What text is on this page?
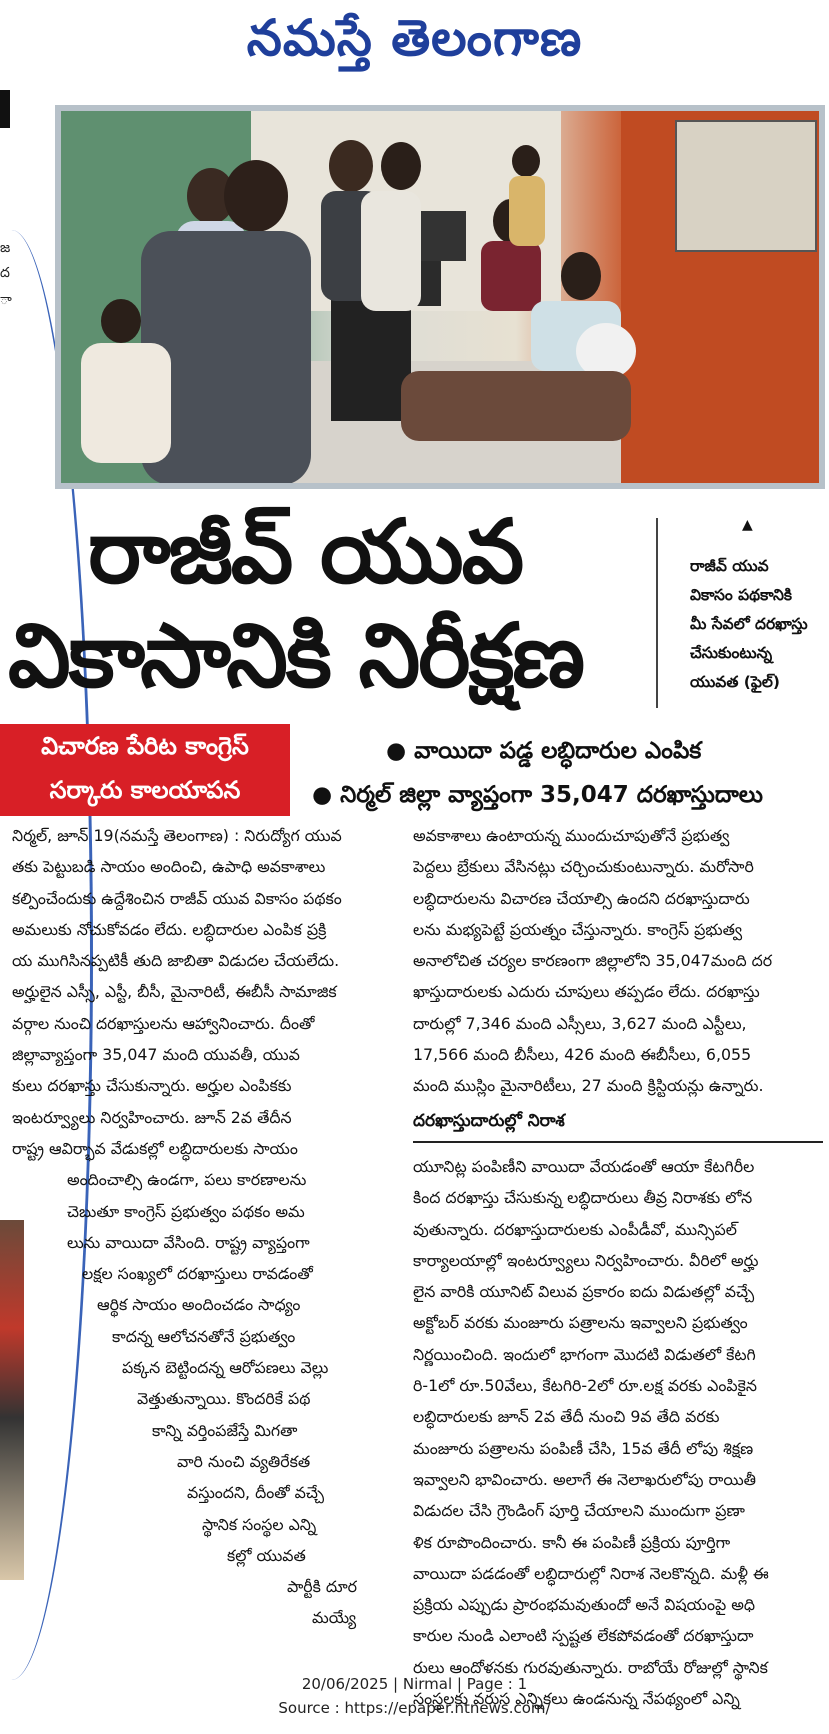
నమస్తే తెలంగాణ
జ
ద
ా
రాజీవ్ యువ
వికాసానికి నిరీక్షణ
▲
రాజీవ్ యువ
వికాసం పథకానికి
మీ సేవలో దరఖాస్తు
చేసుకుంటున్న
యువత (ఫైల్)
విచారణ పేరిట కాంగ్రెస్
సర్కారు కాలయాపన
● వాయిదా పడ్డ లబ్ధిదారుల ఎంపిక
● నిర్మల్ జిల్లా వ్యాప్తంగా 35,047 దరఖాస్తుదాలు
నిర్మల్, జూన్ 19(నమస్తే తెలంగాణ) : నిరుద్యోగ యువ
తకు పెట్టుబడి సాయం అందించి, ఉపాధి అవకాశాలు
కల్పించేందుకు ఉద్దేశించిన రాజీవ్ యువ వికాసం పథకం
అమలుకు నోచుకోవడం లేదు. లబ్ధిదారుల ఎంపిక ప్రక్రి
య ముగిసినప్పటికీ తుది జాబితా విడుదల చేయలేదు.
అర్హులైన ఎస్సీ, ఎస్టీ, బీసీ, మైనారిటీ, ఈబీసీ సామాజిక
వర్గాల నుంచి దరఖాస్తులను ఆహ్వానించారు. దీంతో
జిల్లావ్యాప్తంగా 35,047 మంది యువతీ, యువ
కులు దరఖాస్తు చేసుకున్నారు. అర్హుల ఎంపికకు
ఇంటర్వ్యూలు నిర్వహించారు. జూన్ 2వ తేదీన
రాష్ట్ర ఆవిర్భావ వేడుకల్లో లబ్ధిదారులకు సాయం
అందించాల్సి ఉండగా, పలు కారణాలను
చెబుతూ కాంగ్రెస్ ప్రభుత్వం పథకం అమ
లును వాయిదా వేసింది. రాష్ట్ర వ్యాప్తంగా
లక్షల సంఖ్యలో దరఖాస్తులు రావడంతో
ఆర్థిక సాయం అందించడం సాధ్యం
కాదన్న ఆలోచనతోనే ప్రభుత్వం
పక్కన బెట్టిందన్న ఆరోపణలు వెల్లు
వెత్తుతున్నాయి. కొందరికే పథ
కాన్ని వర్తింపజేస్తే మిగతా
వారి నుంచి వ్యతిరేకత
వస్తుందని, దీంతో వచ్చే
స్థానిక సంస్థల ఎన్ని
కల్లో యువత
పార్టీకి దూర
మయ్యే
అవకాశాలు ఉంటాయన్న ముందుచూపుతోనే ప్రభుత్వ
పెద్దలు బ్రేకులు వేసినట్లు చర్చించుకుంటున్నారు. మరోసారి
లబ్ధిదారులను విచారణ చేయాల్సి ఉందని దరఖాస్తుదారు
లను మభ్యపెట్టే ప్రయత్నం చేస్తున్నారు. కాంగ్రెస్ ప్రభుత్వ
అనాలోచిత చర్యల కారణంగా జిల్లాలోని 35,047మంది దర
ఖాస్తుదారులకు ఎదురు చూపులు తప్పడం లేదు. దరఖాస్తు
దారుల్లో 7,346 మంది ఎస్సీలు, 3,627 మంది ఎస్టీలు,
17,566 మంది బీసీలు, 426 మంది ఈబీసీలు, 6,055
మంది ముస్లిం మైనారిటీలు, 27 మంది క్రిస్టియన్లు ఉన్నారు.
దరఖాస్తుదారుల్లో నిరాశ
యూనిట్ల పంపిణీని వాయిదా వేయడంతో ఆయా కేటగిరీల
కింద దరఖాస్తు చేసుకున్న లబ్ధిదారులు తీవ్ర నిరాశకు లోన
వుతున్నారు. దరఖాస్తుదారులకు ఎంపీడీవో, మున్సిపల్
కార్యాలయాల్లో ఇంటర్వ్యూలు నిర్వహించారు. వీరిలో అర్హు
లైన వారికి యూనిట్ విలువ ప్రకారం ఐదు విడుతల్లో వచ్చే
అక్టోబర్ వరకు మంజూరు పత్రాలను ఇవ్వాలని ప్రభుత్వం
నిర్ణయించింది. ఇందులో భాగంగా మొదటి విడుతలో కేటగి
రి-1లో రూ.50వేలు, కేటగిరి-2లో రూ.లక్ష వరకు ఎంపికైన
లబ్ధిదారులకు జూన్ 2వ తేదీ నుంచి 9వ తేది వరకు
మంజూరు పత్రాలను పంపిణీ చేసి, 15వ తేదీ లోపు శిక్షణ
ఇవ్వాలని భావించారు. అలాగే ఈ నెలాఖరులోపు రాయితీ
విడుదల చేసి గ్రౌండింగ్ పూర్తి చేయాలని ముందుగా ప్రణా
ళిక రూపొందించారు. కానీ ఈ పంపిణీ ప్రక్రియ పూర్తిగా
వాయిదా పడడంతో లబ్ధిదారుల్లో నిరాశ నెలకొన్నది. మళ్లీ ఈ
ప్రక్రియ ఎప్పుడు ప్రారంభమవుతుందో అనే విషయంపై అధి
కారుల నుండి ఎలాంటి స్పష్టత లేకపోవడంతో దరఖాస్తుదా
రులు ఆందోళనకు గురవుతున్నారు. రాబోయే రోజుల్లో స్థానిక
సంస్థలకు వరుస ఎన్నికలు ఉండనున్న నేపథ్యంలో ఎన్ని
20/06/2025 | Nirmal | Page : 1
Source : https://epaper.ntnews.com/
